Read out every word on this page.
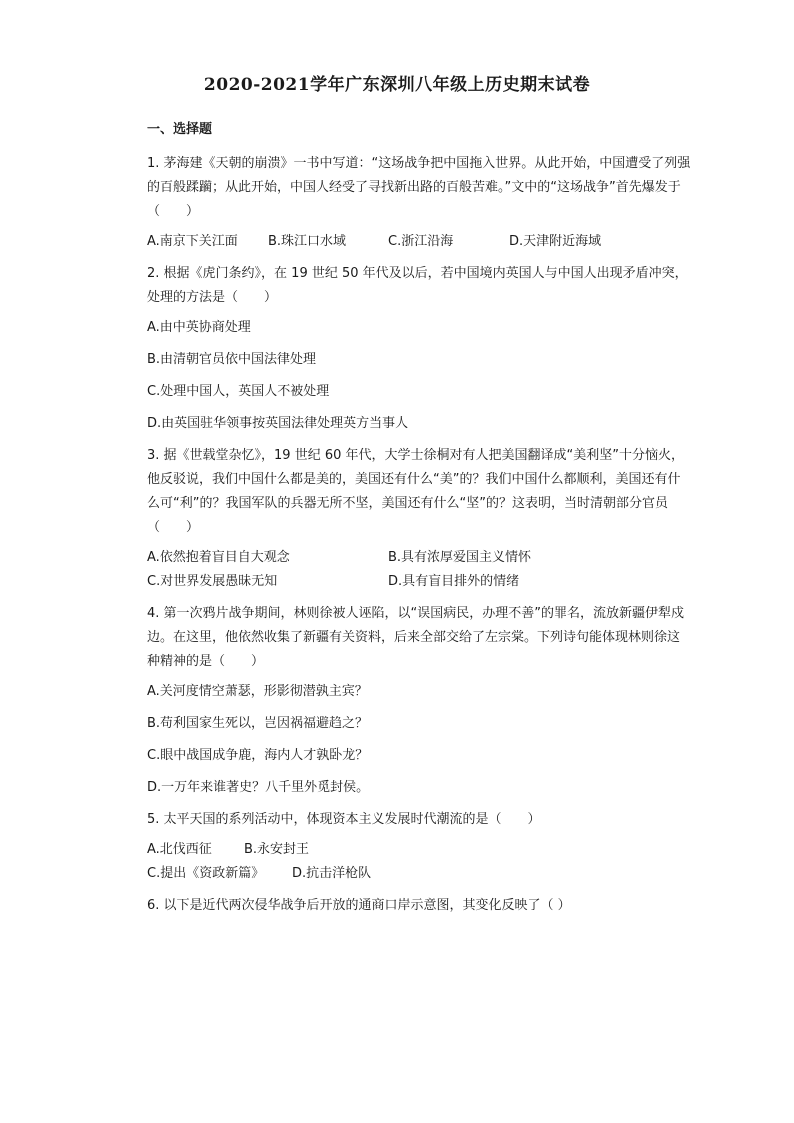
2020-2021学年广东深圳八年级上历史期末试卷
一、选择题

1. 茅海建《天朝的崩溃》一书中写道：“这场战争把中国拖入世界。从此开始，中国遭受了列强的百般蹂躏；从此开始，中国人经受了寻找新出路的百般苦难。”文中的“这场战争”首先爆发于（　　）

A.南京下关江面	B.珠江口水域	C.浙江沿海	D.天津附近海域

2. 根据《虎门条约》，在 19 世纪 50 年代及以后，若中国境内英国人与中国人出现矛盾冲突，处理的方法是（　　）

A.由中英协商处理

B.由清朝官员依中国法律处理

C.处理中国人，英国人不被处理

D.由英国驻华领事按英国法律处理英方当事人

3. 据《世载堂杂忆》，19 世纪 60 年代，大学士徐桐对有人把美国翻译成“美利坚”十分恼火，他反驳说，我们中国什么都是美的，美国还有什么“美”的？我们中国什么都顺利，美国还有什么可“利”的？我国军队的兵器无所不坚，美国还有什么“坚”的？这表明，当时清朝部分官员（　　）

A.依然抱着盲目自大观念	B.具有浓厚爱国主义情怀
C.对世界发展愚昧无知	D.具有盲目排外的情绪

4. 第一次鸦片战争期间，林则徐被人诬陷，以“误国病民，办理不善”的罪名，流放新疆伊犁戍边。在这里，他依然收集了新疆有关资料，后来全部交给了左宗棠。下列诗句能体现林则徐这种精神的是（　　）

A.关河度情空萧瑟，形影彻潜孰主宾？

B.苟利国家生死以，岂因祸福避趋之？

C.眼中战国成争鹿，海内人才孰卧龙？

D.一万年来谁著史？八千里外觅封侯。

5. 太平天国的系列活动中，体现资本主义发展时代潮流的是（　　）

A.北伐西征	B.永安封王
C.提出《资政新篇》	D.抗击洋枪队

6. 以下是近代两次侵华战争后开放的通商口岸示意图，其变化反映了（ ）
